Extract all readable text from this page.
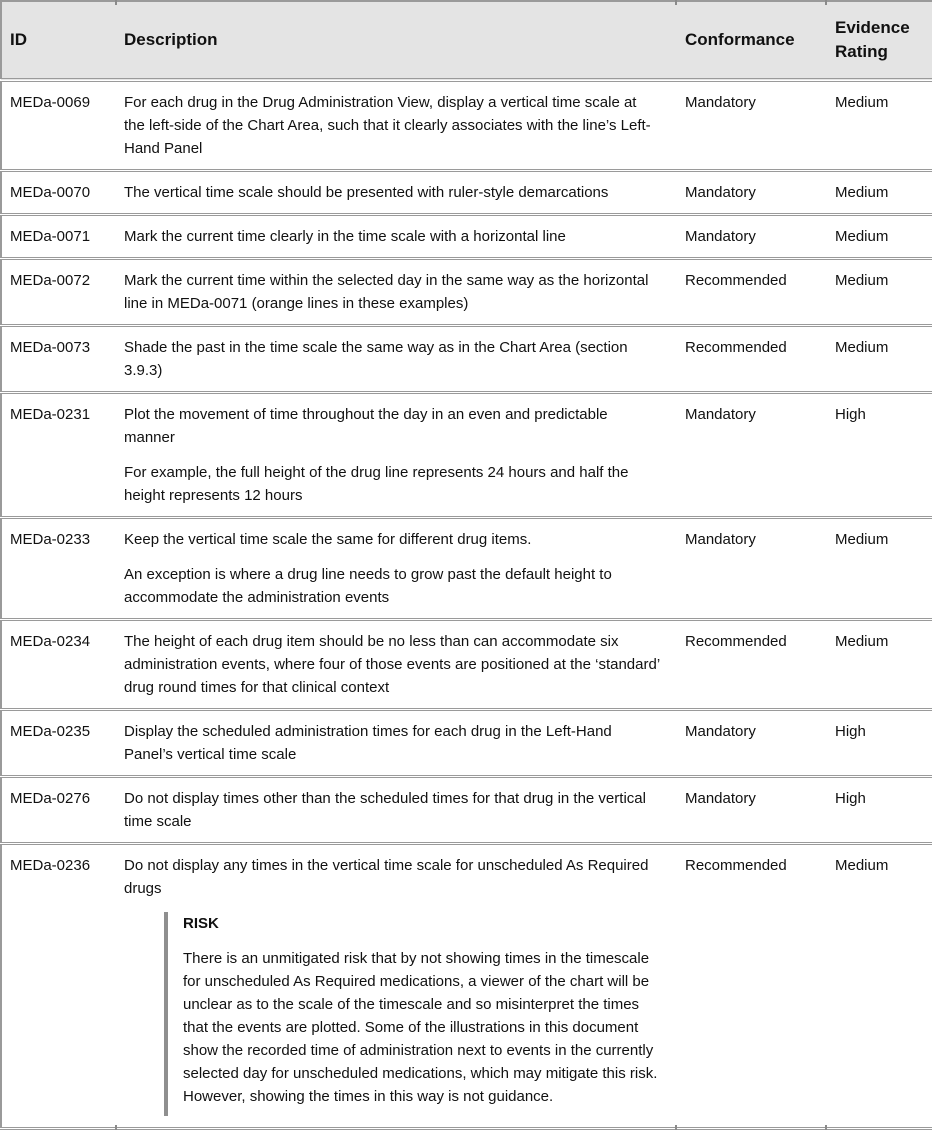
ID	Description	Conformance	Evidence Rating
MEDa-0069	For each drug in the Drug Administration View, display a vertical time scale at the left-side of the Chart Area, such that it clearly associates with the line’s Left-Hand Panel	Mandatory	Medium
MEDa-0070	The vertical time scale should be presented with ruler-style demarcations	Mandatory	Medium
MEDa-0071	Mark the current time clearly in the time scale with a horizontal line	Mandatory	Medium
MEDa-0072	Mark the current time within the selected day in the same way as the horizontal line in MEDa-0071 (orange lines in these examples)	Recommended	Medium
MEDa-0073	Shade the past in the time scale the same way as in the Chart Area (section 3.9.3)	Recommended	Medium
MEDa-0231	Plot the movement of time throughout the day in an even and predictable manner

For example, the full height of the drug line represents 24 hours and half the height represents 12 hours	Mandatory	High
MEDa-0233	Keep the vertical time scale the same for different drug items.

An exception is where a drug line needs to grow past the default height to accommodate the administration events	Mandatory	Medium
MEDa-0234	The height of each drug item should be no less than can accommodate six administration events, where four of those events are positioned at the ‘standard’ drug round times for that clinical context	Recommended	Medium
MEDa-0235	Display the scheduled administration times for each drug in the Left-Hand Panel’s vertical time scale	Mandatory	High
MEDa-0276	Do not display times other than the scheduled times for that drug in the vertical time scale	Mandatory	High
MEDa-0236	Do not display any times in the vertical time scale for unscheduled As Required drugs

RISK

There is an unmitigated risk that by not showing times in the timescale for unscheduled As Required medications, a viewer of the chart will be unclear as to the scale of the timescale and so misinterpret the times that the events are plotted. Some of the illustrations in this document show the recorded time of administration next to events in the currently selected day for unscheduled medications, which may mitigate this risk. However, showing the times in this way is not guidance.	Recommended	Medium
